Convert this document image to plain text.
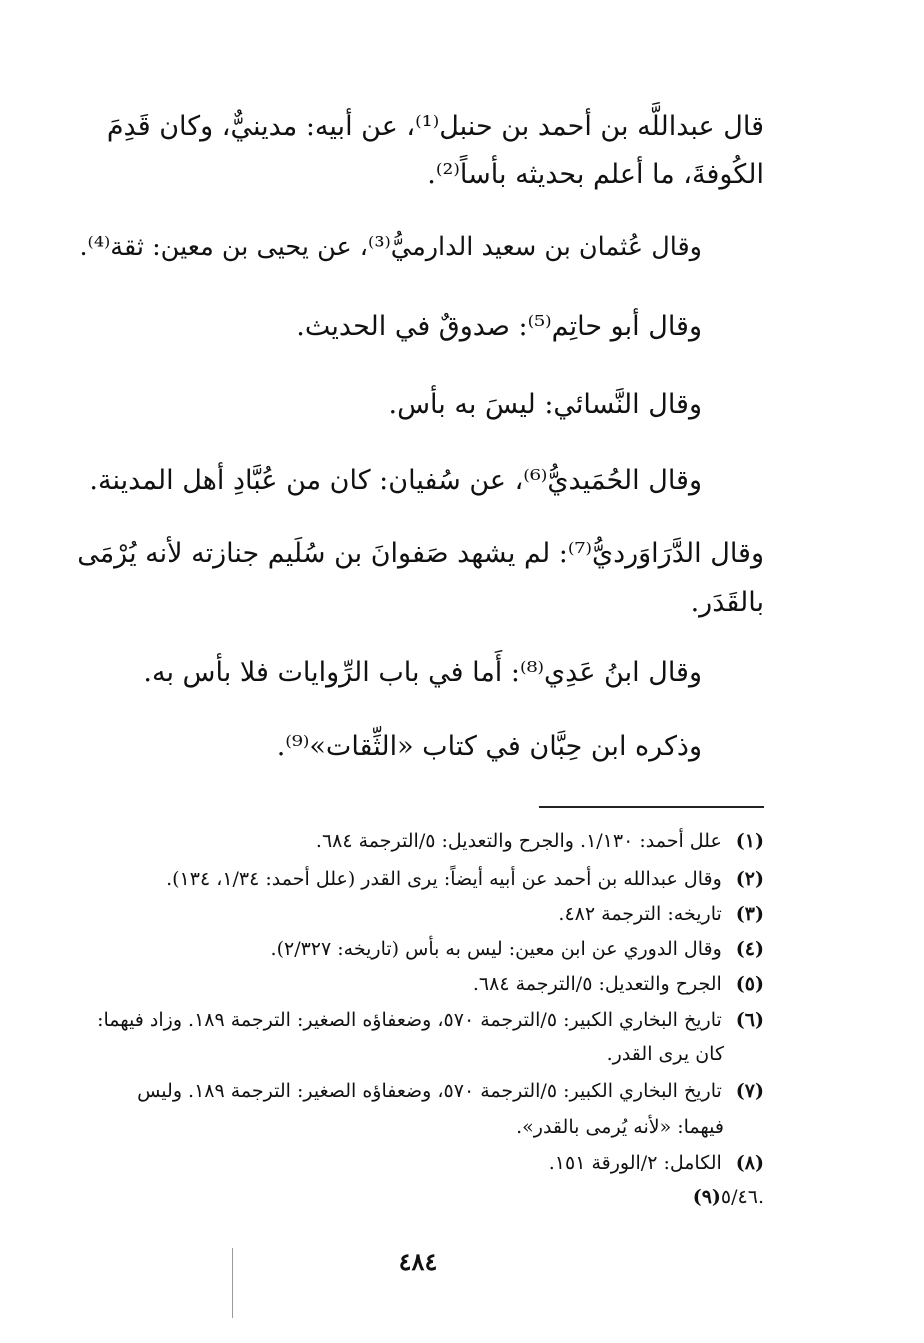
قال عبداللَّه بن أحمد بن حنبل⁽¹⁾، عن أبيه: مدينيٌّ، وكان قَدِمَ
الكُوفةَ، ما أعلم بحديثه بأساً⁽²⁾.
وقال عُثمان بن سعيد الدارميُّ⁽³⁾، عن يحيى بن معين: ثقة⁽⁴⁾.
وقال أبو حاتِم⁽⁵⁾: صدوقٌ في الحديث.
وقال النَّسائي: ليسَ به بأس.
وقال الحُمَيديُّ⁽⁶⁾، عن سُفيان: كان من عُبَّادِ أهل المدينة.
وقال الدَّرَاوَرديُّ⁽⁷⁾: لم يشهد صَفوانَ بن سُلَيم جنازته لأنه يُرْمَى
بالقَدَر.
وقال ابنُ عَدِي⁽⁸⁾: أَما في باب الرِّوايات فلا بأس به.
وذكره ابن حِبَّان في كتاب «الثِّقات»⁽⁹⁾.
(١)علل أحمد: ١/١٣٠. والجرح والتعديل: ٥/الترجمة ٦٨٤.
(٢)وقال عبدالله بن أحمد عن أبيه أيضاً: يرى القدر (علل أحمد: ١/٣٤، ١٣٤).
(٣)تاريخه: الترجمة ٤٨٢.
(٤)وقال الدوري عن ابن معين: ليس به بأس (تاريخه: ٢/٣٢٧).
(٥)الجرح والتعديل: ٥/الترجمة ٦٨٤.
(٦)تاريخ البخاري الكبير: ٥/الترجمة ٥٧٠، وضعفاؤه الصغير: الترجمة ١٨٩. وزاد فيهما:
كان يرى القدر.
(٧)تاريخ البخاري الكبير: ٥/الترجمة ٥٧٠، وضعفاؤه الصغير: الترجمة ١٨٩. وليس
فيهما: «لأنه يُرمى بالقدر».
(٨)الكامل: ٢/الورقة ١٥١.
(٩)٥/٤٦.
٤٨٤
